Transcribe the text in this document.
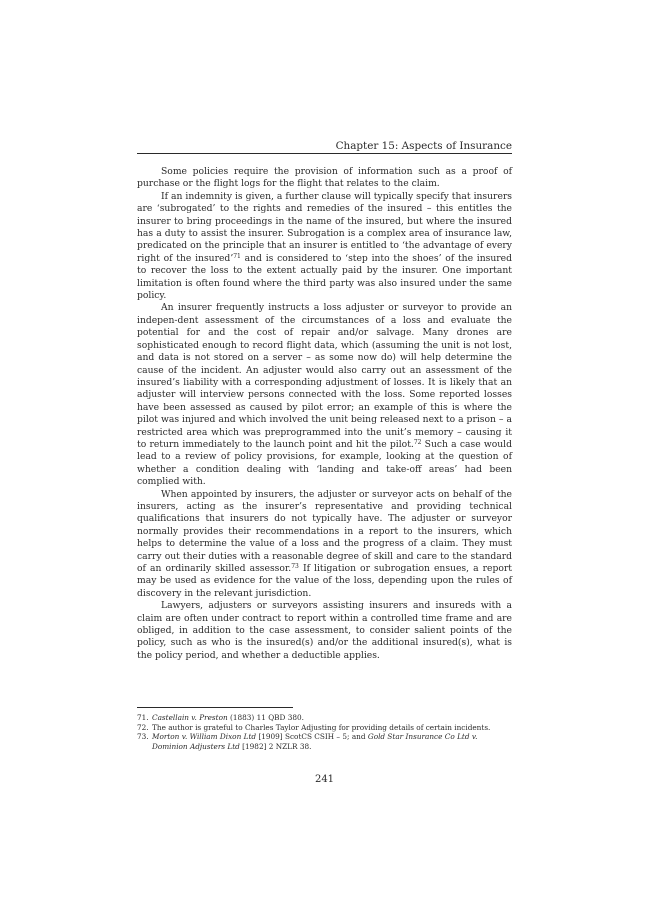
Chapter 15: Aspects of Insurance

Some policies require the provision of information such as a proof of purchase or the flight logs for the flight that relates to the claim.

If an indemnity is given, a further clause will typically specify that insurers are ‘subrogated’ to the rights and remedies of the insured – this entitles the insurer to bring proceedings in the name of the insured, but where the insured has a duty to assist the insurer. Subrogation is a complex area of insurance law, predicated on the principle that an insurer is entitled to ‘the advantage of every right of the insured’$^{71}$ and is considered to ‘step into the shoes’ of the insured to recover the loss to the extent actually paid by the insurer. One important limitation is often found where the third party was also insured under the same policy.

An insurer frequently instructs a loss adjuster or surveyor to provide an indepen-dent assessment of the circumstances of a loss and evaluate the potential for and the cost of repair and/or salvage. Many drones are sophisticated enough to record flight data, which (assuming the unit is not lost, and data is not stored on a server – as some now do) will help determine the cause of the incident. An adjuster would also carry out an assessment of the insured’s liability with a corresponding adjustment of losses. It is likely that an adjuster will interview persons connected with the loss. Some reported losses have been assessed as caused by pilot error; an example of this is where the pilot was injured and which involved the unit being released next to a prison – a restricted area which was preprogrammed into the unit’s memory – causing it to return immediately to the launch point and hit the pilot.$^{72}$ Such a case would lead to a review of policy provisions, for example, looking at the question of whether a condition dealing with ‘landing and take-off areas’ had been complied with.

When appointed by insurers, the adjuster or surveyor acts on behalf of the insurers, acting as the insurer’s representative and providing technical qualifications that insurers do not typically have. The adjuster or surveyor normally provides their recommendations in a report to the insurers, which helps to determine the value of a loss and the progress of a claim. They must carry out their duties with a reasonable degree of skill and care to the standard of an ordinarily skilled assessor.$^{73}$ If litigation or subrogation ensues, a report may be used as evidence for the value of the loss, depending upon the rules of discovery in the relevant jurisdiction.

Lawyers, adjusters or surveyors assisting insurers and insureds with a claim are often under contract to report within a controlled time frame and are obliged, in addition to the case assessment, to consider salient points of the policy, such as who is the insured(s) and/or the additional insured(s), what is the policy period, and whether a deductible applies.

71. Castellain v. Preston (1883) 11 QBD 380.
72. The author is grateful to Charles Taylor Adjusting for providing details of certain incidents.
73. Morton v. William Dixon Ltd [1909] ScotCS CSIH – 5; and Gold Star Insurance Co Ltd v. Dominion Adjusters Ltd [1982] 2 NZLR 38.
241
